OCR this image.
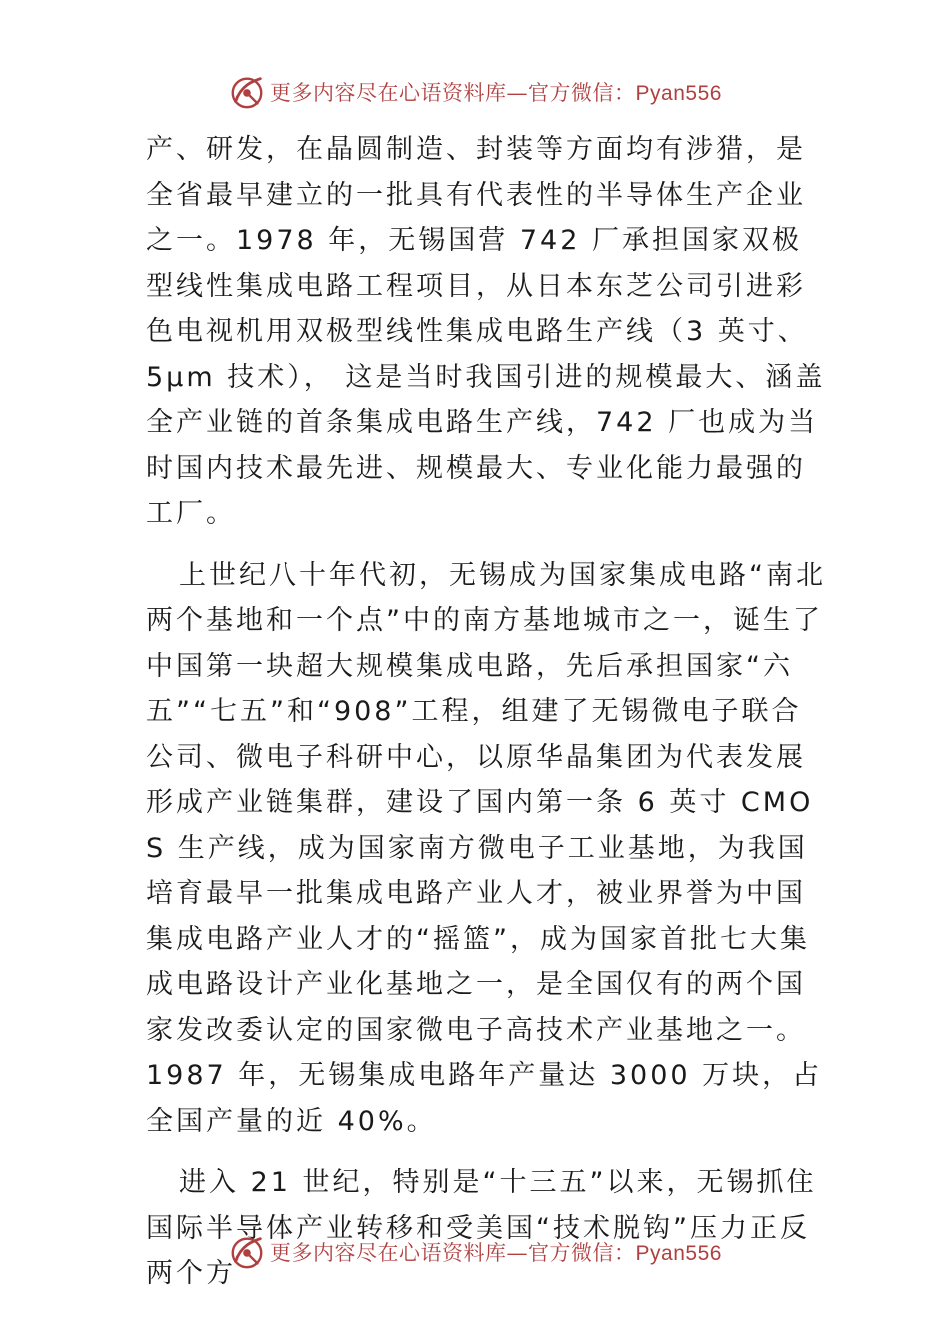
更多内容尽在心语资料库—官方微信：Pyan556

产、研发，在晶圆制造、封装等方面均有涉猎，是全省最早建立的一批具有代表性的半导体生产企业之一。1978 年，无锡国营 742 厂承担国家双极型线性集成电路工程项目，从日本东芝公司引进彩色电视机用双极型线性集成电路生产线（3 英寸、5μm 技术）， 这是当时我国引进的规模最大、涵盖全产业链的首条集成电路生产线，742 厂也成为当时国内技术最先进、规模最大、专业化能力最强的工厂。

上世纪八十年代初，无锡成为国家集成电路“南北两个基地和一个点”中的南方基地城市之一，诞生了中国第一块超大规模集成电路，先后承担国家“六五”“七五”和“908”工程，组建了无锡微电子联合公司、微电子科研中心，以原华晶集团为代表发展形成产业链集群，建设了国内第一条 6 英寸 CMOS 生产线，成为国家南方微电子工业基地，为我国培育最早一批集成电路产业人才，被业界誉为中国集成电路产业人才的“摇篮”，成为国家首批七大集成电路设计产业化基地之一，是全国仅有的两个国家发改委认定的国家微电子高技术产业基地之一。1987 年，无锡集成电路年产量达 3000 万块，占全国产量的近 40%。

进入 21 世纪，特别是“十三五”以来，无锡抓住国际半导体产业转移和受美国“技术脱钩”压力正反两个方

更多内容尽在心语资料库—官方微信：Pyan556
